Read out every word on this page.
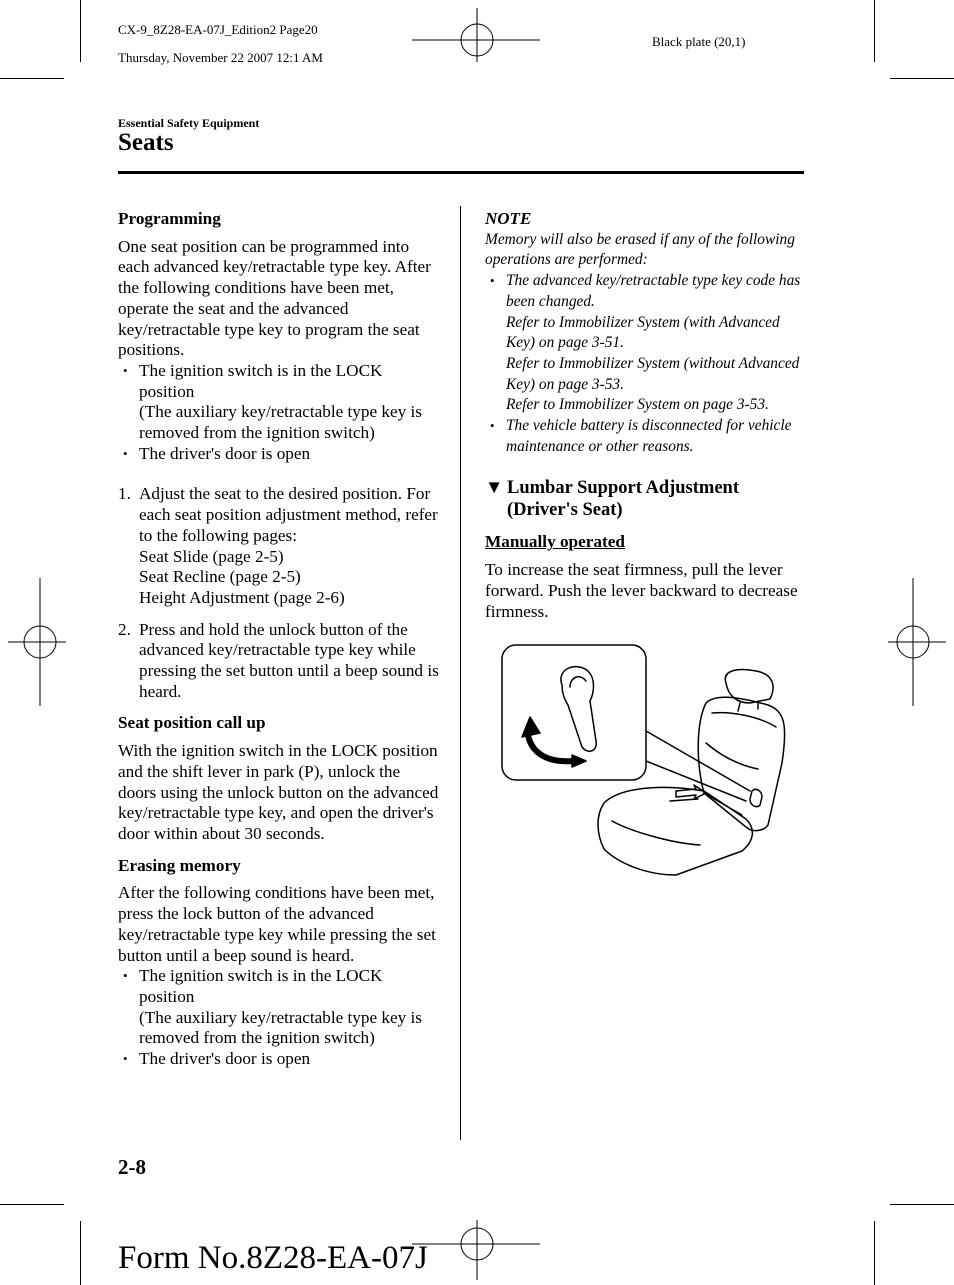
CX-9_8Z28-EA-07J_Edition2 Page20

Thursday, November 22 2007 12:1 AM

Black plate (20,1)
Essential Safety Equipment
Seats
Programming

One seat position can be programmed into each advanced key/retractable type key. After the following conditions have been met, operate the seat and the advanced key/retractable type key to program the seat positions.

• The ignition switch is in the LOCK position
(The auxiliary key/retractable type key is removed from the ignition switch)
• The driver's door is open
1. Adjust the seat to the desired position. For each seat position adjustment method, refer to the following pages:
Seat Slide (page 2-5)
Seat Recline (page 2-5)
Height Adjustment (page 2-6)
2. Press and hold the unlock button of the advanced key/retractable type key while pressing the set button until a beep sound is heard.
Seat position call up

With the ignition switch in the LOCK position and the shift lever in park (P), unlock the doors using the unlock button on the advanced key/retractable type key, and open the driver's door within about 30 seconds.

Erasing memory

After the following conditions have been met, press the lock button of the advanced key/retractable type key while pressing the set button until a beep sound is heard.

• The ignition switch is in the LOCK position
(The auxiliary key/retractable type key is removed from the ignition switch)
• The driver's door is open
NOTE

Memory will also be erased if any of the following operations are performed:

• The advanced key/retractable type key code has been changed.
Refer to Immobilizer System (with Advanced Key) on page 3-51.
Refer to Immobilizer System (without Advanced Key) on page 3-53.
Refer to Immobilizer System on page 3-53.
• The vehicle battery is disconnected for vehicle maintenance or other reasons.
▼ Lumbar Support Adjustment (Driver's Seat)
Manually operated

To increase the seat firmness, pull the lever forward. Push the lever backward to decrease firmness.

2-8
Form No.8Z28-EA-07J
